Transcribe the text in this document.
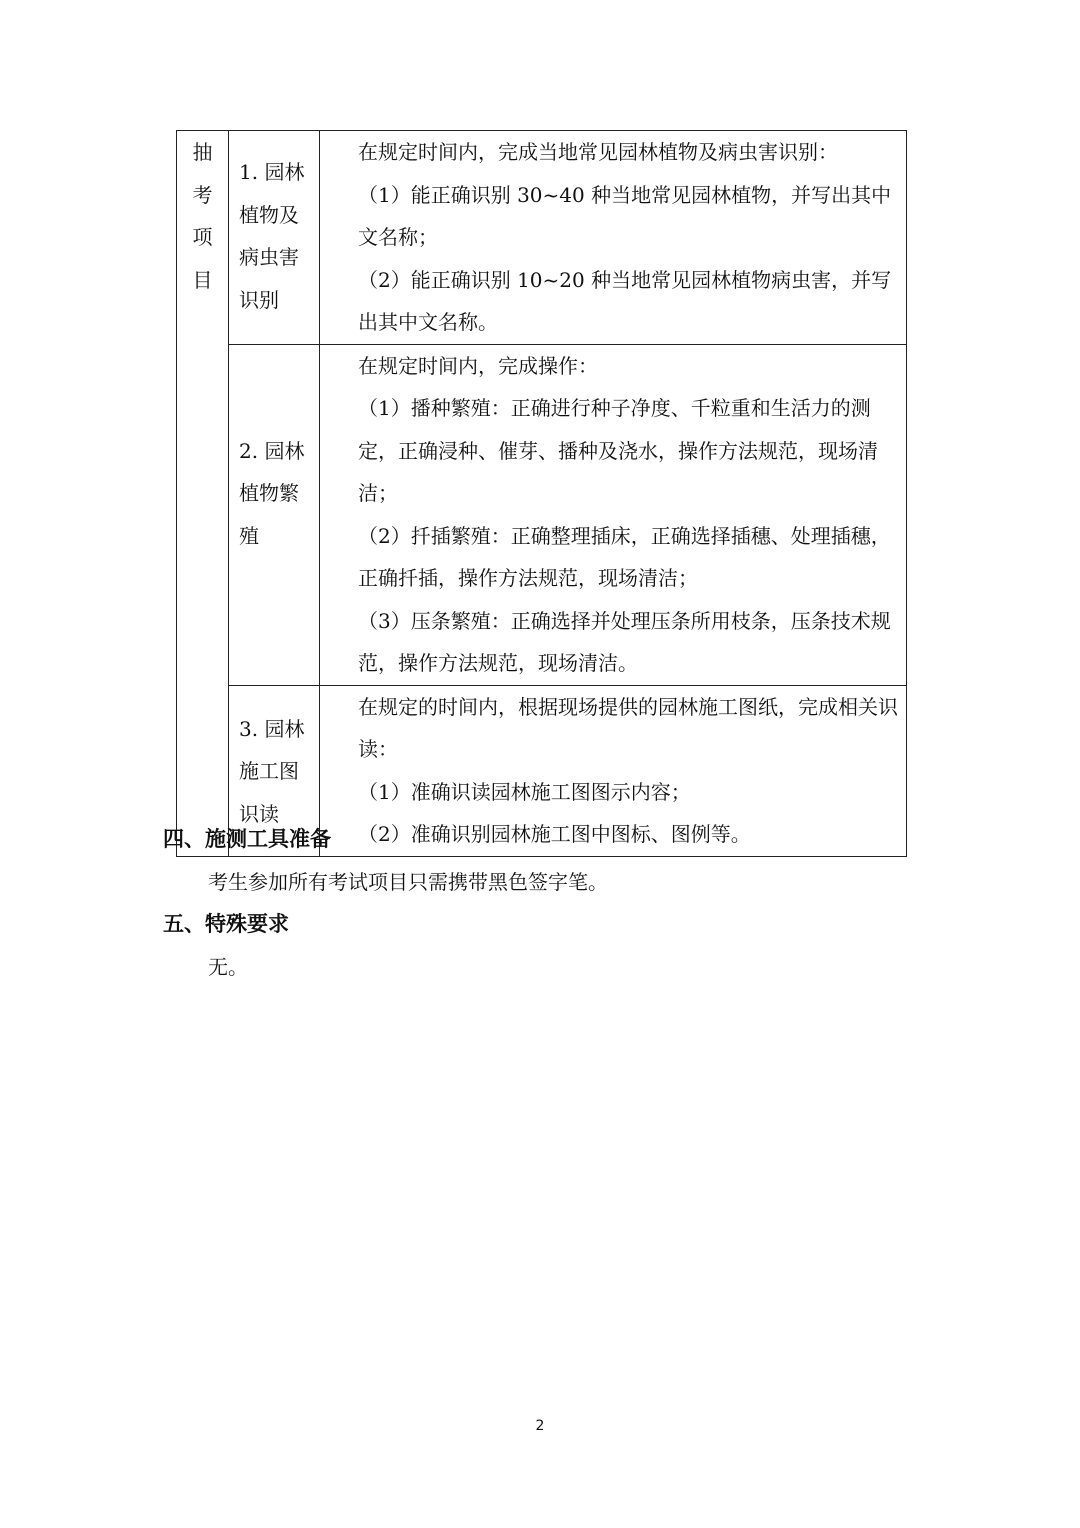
抽考项目	1. 园林
植物及
病虫害
识别	在规定时间内，完成当地常见园林植物及病虫害识别：
（1）能正确识别 30~40 种当地常见园林植物，并写出其中文名称；
（2）能正确识别 10~20 种当地常见园林植物病虫害，并写出其中文名称。

	2. 园林
植物繁
殖	在规定时间内，完成操作：
（1）播种繁殖：正确进行种子净度、千粒重和生活力的测定，正确浸种、催芽、播种及浇水，操作方法规范，现场清洁；
（2）扦插繁殖：正确整理插床，正确选择插穗、处理插穗，正确扦插，操作方法规范，现场清洁；
（3）压条繁殖：正确选择并处理压条所用枝条，压条技术规范，操作方法规范，现场清洁。

	3. 园林
施工图
识读	在规定的时间内，根据现场提供的园林施工图纸，完成相关识读：
（1）准确识读园林施工图图示内容；
（2）准确识别园林施工图中图标、图例等。
四、施测工具准备
考生参加所有考试项目只需携带黑色签字笔。
五、特殊要求
无。
2
